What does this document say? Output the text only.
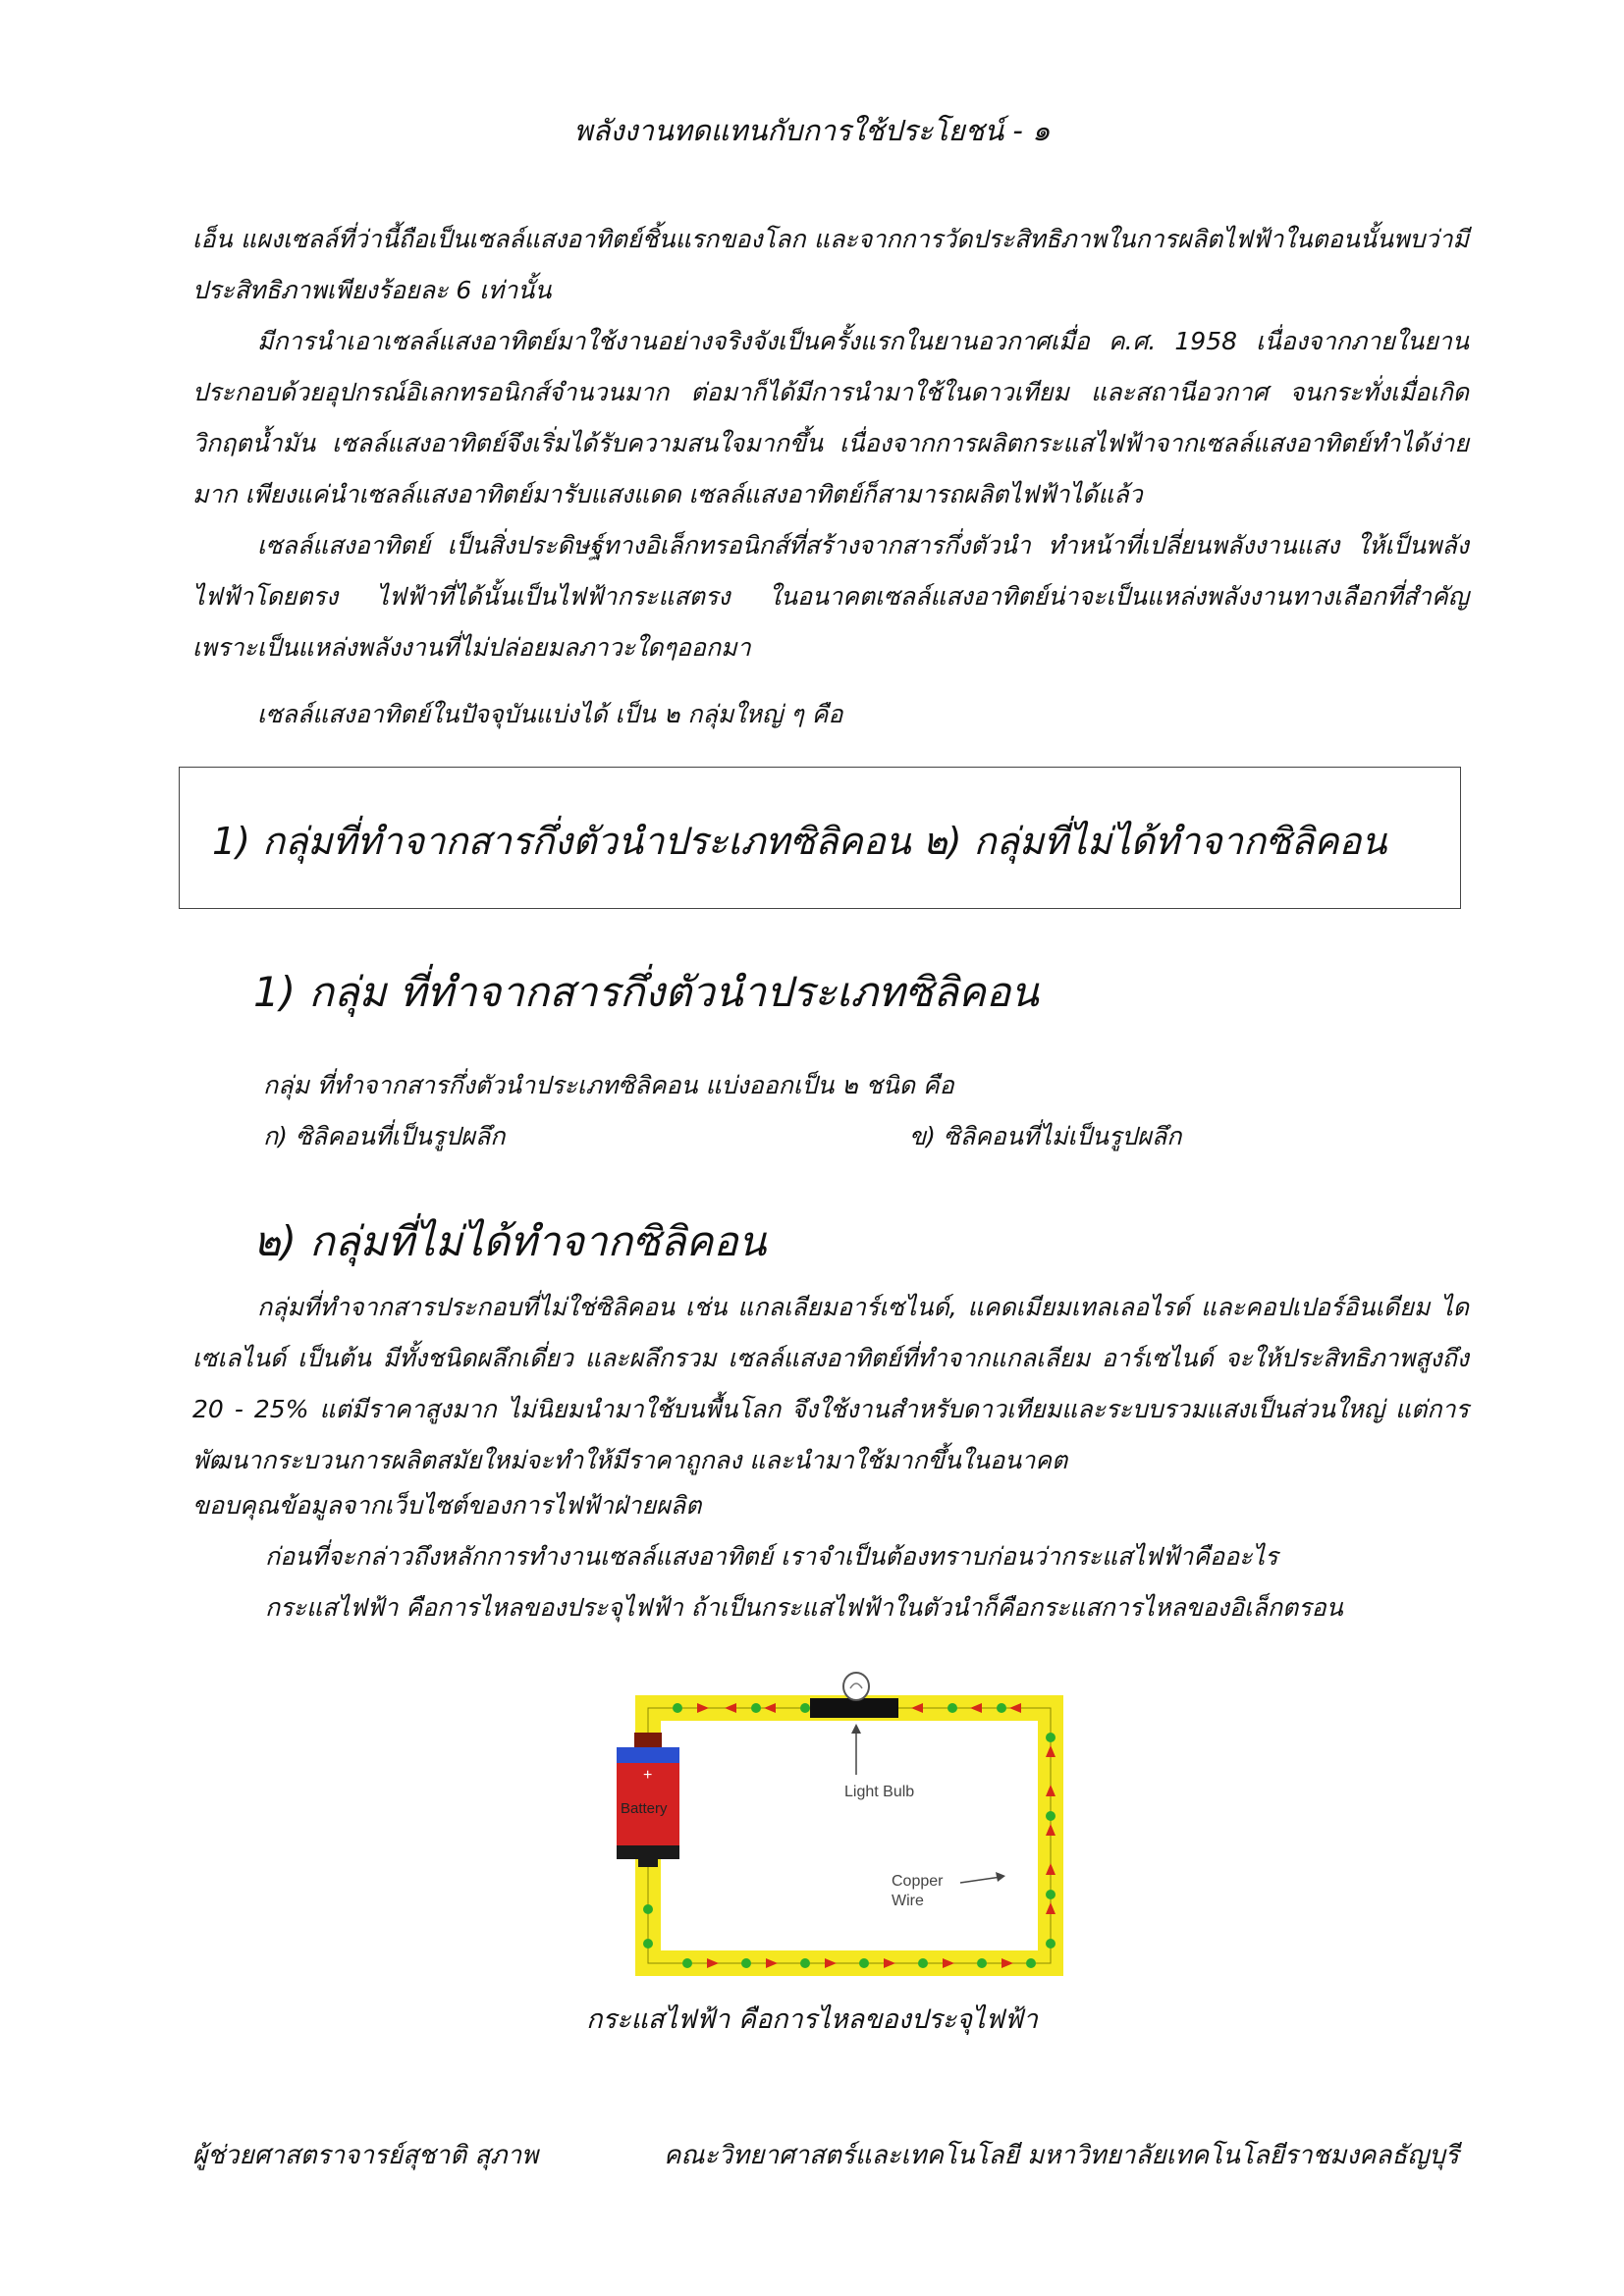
พลังงานทดแทนกับการใช้ประโยชน์ - ๑

เอ็น แผงเซลล์ที่ว่านี้ถือเป็นเซลล์แสงอาทิตย์ชิ้นแรกของโลก และจากการวัดประสิทธิภาพในการผลิตไฟฟ้าในตอนนั้นพบว่ามีประสิทธิภาพเพียงร้อยละ 6 เท่านั้น

มีการนำเอาเซลล์แสงอาทิตย์มาใช้งานอย่างจริงจังเป็นครั้งแรกในยานอวกาศเมื่อ ค.ศ. 1958 เนื่องจากภายในยานประกอบด้วยอุปกรณ์อิเลกทรอนิกส์จำนวนมาก ต่อมาก็ได้มีการนำมาใช้ในดาวเทียม และสถานีอวกาศ จนกระทั่งเมื่อเกิดวิกฤตน้ำมัน เซลล์แสงอาทิตย์จึงเริ่มได้รับความสนใจมากขึ้น เนื่องจากการผลิตกระแสไฟฟ้าจากเซลล์แสงอาทิตย์ทำได้ง่ายมาก เพียงแค่นำเซลล์แสงอาทิตย์มารับแสงแดด เซลล์แสงอาทิตย์ก็สามารถผลิตไฟฟ้าได้แล้ว

เซลล์แสงอาทิตย์ เป็นสิ่งประดิษฐ์ทางอิเล็กทรอนิกส์ที่สร้างจากสารกึ่งตัวนำ ทำหน้าที่เปลี่ยนพลังงานแสง ให้เป็นพลังไฟฟ้าโดยตรง ไฟฟ้าที่ได้นั้นเป็นไฟฟ้ากระแสตรง ในอนาคตเซลล์แสงอาทิตย์น่าจะเป็นแหล่งพลังงานทางเลือกที่สำคัญ เพราะเป็นแหล่งพลังงานที่ไม่ปล่อยมลภาวะใดๆออกมา

เซลล์แสงอาทิตย์ในปัจจุบันแบ่งได้ เป็น ๒ กลุ่มใหญ่ ๆ คือ
1) กลุ่มที่ทำจากสารกึ่งตัวนำประเภทซิลิคอน ๒) กลุ่มที่ไม่ได้ทำจากซิลิคอน
1) กลุ่ม ที่ทำจากสารกึ่งตัวนำประเภทซิลิคอน
กลุ่ม ที่ทำจากสารกึ่งตัวนำประเภทซิลิคอน แบ่งออกเป็น ๒ ชนิด คือ
ก) ซิลิคอนที่เป็นรูปผลึก	ข) ซิลิคอนที่ไม่เป็นรูปผลึก
๒) กลุ่มที่ไม่ได้ทำจากซิลิคอน

กลุ่มที่ทำจากสารประกอบที่ไม่ใช่ซิลิคอน เช่น แกลเลียมอาร์เซไนด์, แคดเมียมเทลเลอไรด์ และคอปเปอร์อินเดียม ไดเซเลไนด์ เป็นต้น มีทั้งชนิดผลึกเดี่ยว และผลึกรวม เซลล์แสงอาทิตย์ที่ทำจากแกลเลียม อาร์เซไนด์ จะให้ประสิทธิภาพสูงถึง 20 - 25% แต่มีราคาสูงมาก ไม่นิยมนำมาใช้บนพื้นโลก จึงใช้งานสำหรับดาวเทียมและระบบรวมแสงเป็นส่วนใหญ่ แต่การพัฒนากระบวนการผลิตสมัยใหม่จะทำให้มีราคาถูกลง และนำมาใช้มากขึ้นในอนาคต

ขอบคุณข้อมูลจากเว็บไซต์ของการไฟฟ้าฝ่ายผลิต
ก่อนที่จะกล่าวถึงหลักการทำงานเซลล์แสงอาทิตย์ เราจำเป็นต้องทราบก่อนว่ากระแสไฟฟ้าคืออะไร
กระแสไฟฟ้า คือการไหลของประจุไฟฟ้า ถ้าเป็นกระแสไฟฟ้าในตัวนำก็คือกระแสการไหลของอิเล็กตรอน
Light Bulb
+
Battery
Copper
Wire
กระแสไฟฟ้า คือการไหลของประจุไฟฟ้า
ผู้ช่วยศาสตราจารย์สุชาติ สุภาพ	คณะวิทยาศาสตร์และเทคโนโลยี มหาวิทยาลัยเทคโนโลยีราชมงคลธัญบุรี
